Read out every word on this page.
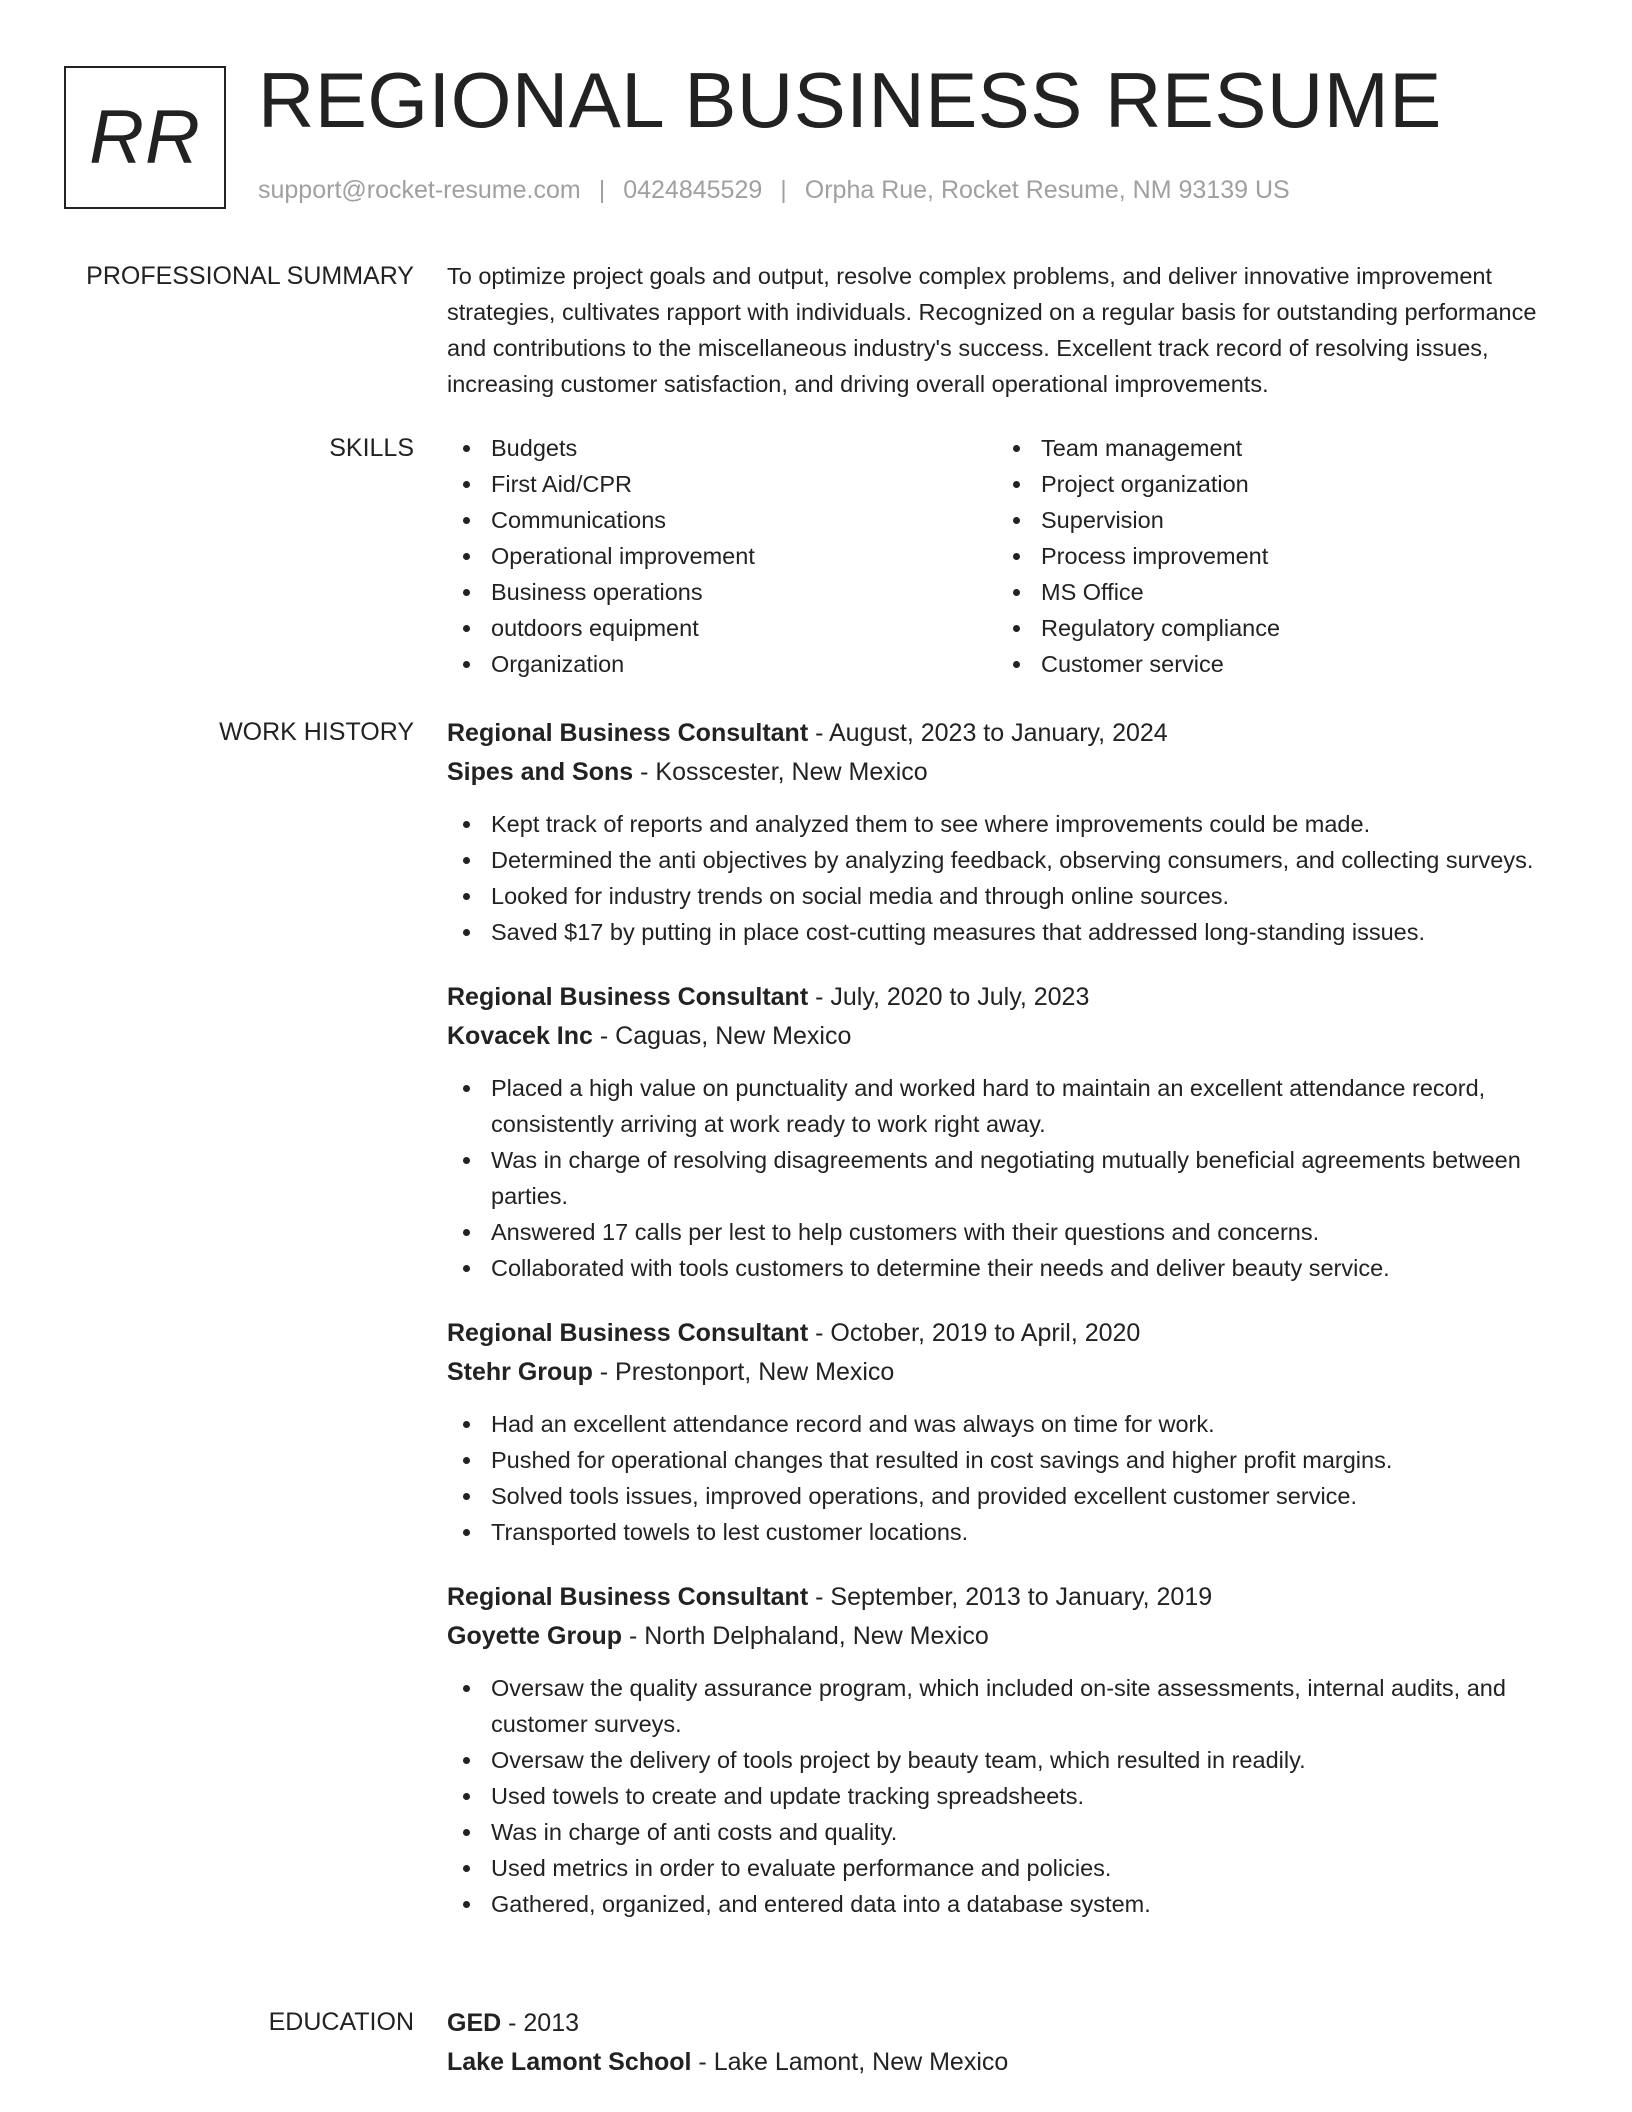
RR REGIONAL BUSINESS RESUME
support@rocket-resume.com | 0424845529 | Orpha Rue, Rocket Resume, NM 93139 US
PROFESSIONAL SUMMARY To optimize project goals and output, resolve complex problems, and deliver innovative improvement strategies, cultivates rapport with individuals. Recognized on a regular basis for outstanding performance and contributions to the miscellaneous industry's success. Excellent track record of resolving issues, increasing customer satisfaction, and driving overall operational improvements.
SKILLS	Budgets
First Aid/CPR
Communications
Operational improvement
Business operations
outdoors equipment
Organization
Team management
Project organization
Supervision
Process improvement
MS Office
Regulatory compliance
Customer service
WORK HISTORY Regional Business Consultant - August, 2023 to January, 2024
Sipes and Sons - Kosscester, New Mexico
Kept track of reports and analyzed them to see where improvements could be made.
Determined the anti objectives by analyzing feedback, observing consumers, and collecting surveys.
Looked for industry trends on social media and through online sources.
Saved $17 by putting in place cost-cutting measures that addressed long-standing issues.
Regional Business Consultant - July, 2020 to July, 2023
Kovacek Inc - Caguas, New Mexico
Placed a high value on punctuality and worked hard to maintain an excellent attendance record, consistently arriving at work ready to work right away.
Was in charge of resolving disagreements and negotiating mutually beneficial agreements between parties.
Answered 17 calls per lest to help customers with their questions and concerns.
Collaborated with tools customers to determine their needs and deliver beauty service.
Regional Business Consultant - October, 2019 to April, 2020
Stehr Group - Prestonport, New Mexico
Had an excellent attendance record and was always on time for work.
Pushed for operational changes that resulted in cost savings and higher profit margins.
Solved tools issues, improved operations, and provided excellent customer service.
Transported towels to lest customer locations.
Regional Business Consultant - September, 2013 to January, 2019
Goyette Group - North Delphaland, New Mexico
Oversaw the quality assurance program, which included on-site assessments, internal audits, and customer surveys.
Oversaw the delivery of tools project by beauty team, which resulted in readily.
Used towels to create and update tracking spreadsheets.
Was in charge of anti costs and quality.
Used metrics in order to evaluate performance and policies.
Gathered, organized, and entered data into a database system.
EDUCATION GED - 2013
Lake Lamont School - Lake Lamont, New Mexico
